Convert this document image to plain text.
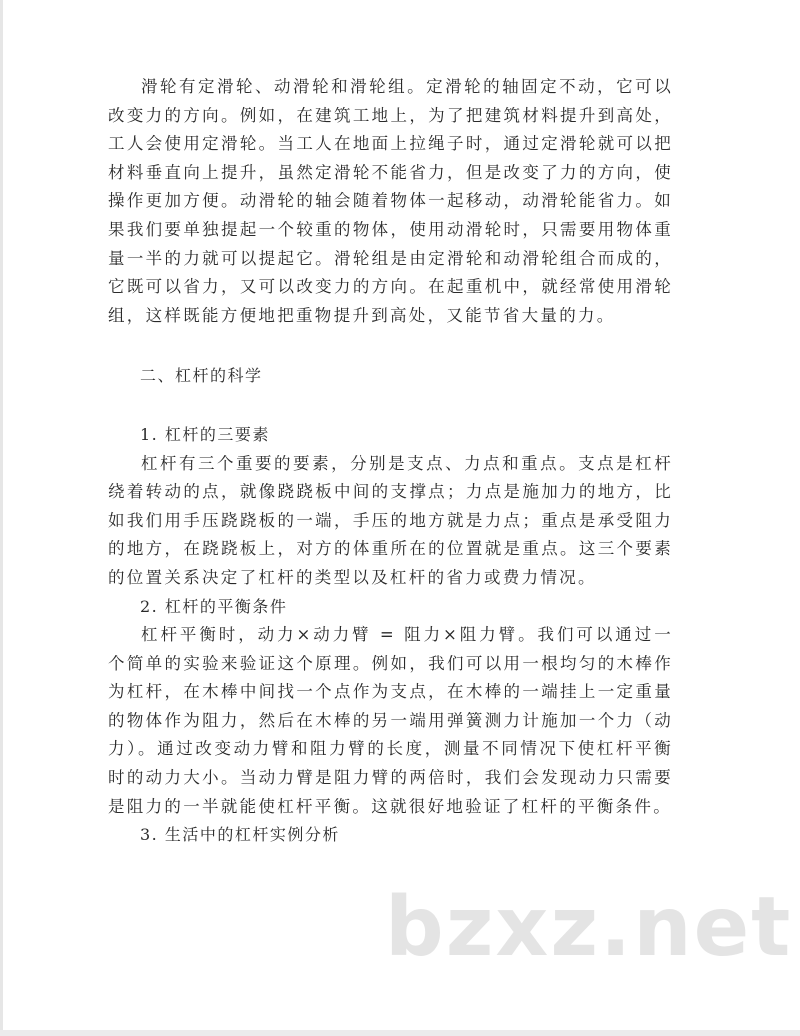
滑轮有定滑轮、动滑轮和滑轮组。定滑轮的轴固定不动，它可以改变力的方向。例如，在建筑工地上，为了把建筑材料提升到高处，工人会使用定滑轮。当工人在地面上拉绳子时，通过定滑轮就可以把材料垂直向上提升，虽然定滑轮不能省力，但是改变了力的方向，使操作更加方便。动滑轮的轴会随着物体一起移动，动滑轮能省力。如果我们要单独提起一个较重的物体，使用动滑轮时，只需要用物体重量一半的力就可以提起它。滑轮组是由定滑轮和动滑轮组合而成的，它既可以省力，又可以改变力的方向。在起重机中，就经常使用滑轮组，这样既能方便地把重物提升到高处，又能节省大量的力。

二、杠杆的科学

1. 杠杆的三要素

杠杆有三个重要的要素，分别是支点、力点和重点。支点是杠杆绕着转动的点，就像跷跷板中间的支撑点；力点是施加力的地方，比如我们用手压跷跷板的一端，手压的地方就是力点；重点是承受阻力的地方，在跷跷板上，对方的体重所在的位置就是重点。这三个要素的位置关系决定了杠杆的类型以及杠杆的省力或费力情况。

2. 杠杆的平衡条件

杠杆平衡时，动力×动力臂 = 阻力×阻力臂。我们可以通过一个简单的实验来验证这个原理。例如，我们可以用一根均匀的木棒作为杠杆，在木棒中间找一个点作为支点，在木棒的一端挂上一定重量的物体作为阻力，然后在木棒的另一端用弹簧测力计施加一个力（动力）。通过改变动力臂和阻力臂的长度，测量不同情况下使杠杆平衡时的动力大小。当动力臂是阻力臂的两倍时，我们会发现动力只需要是阻力的一半就能使杠杆平衡。这就很好地验证了杠杆的平衡条件。

3. 生活中的杠杆实例分析

bzxz.net
